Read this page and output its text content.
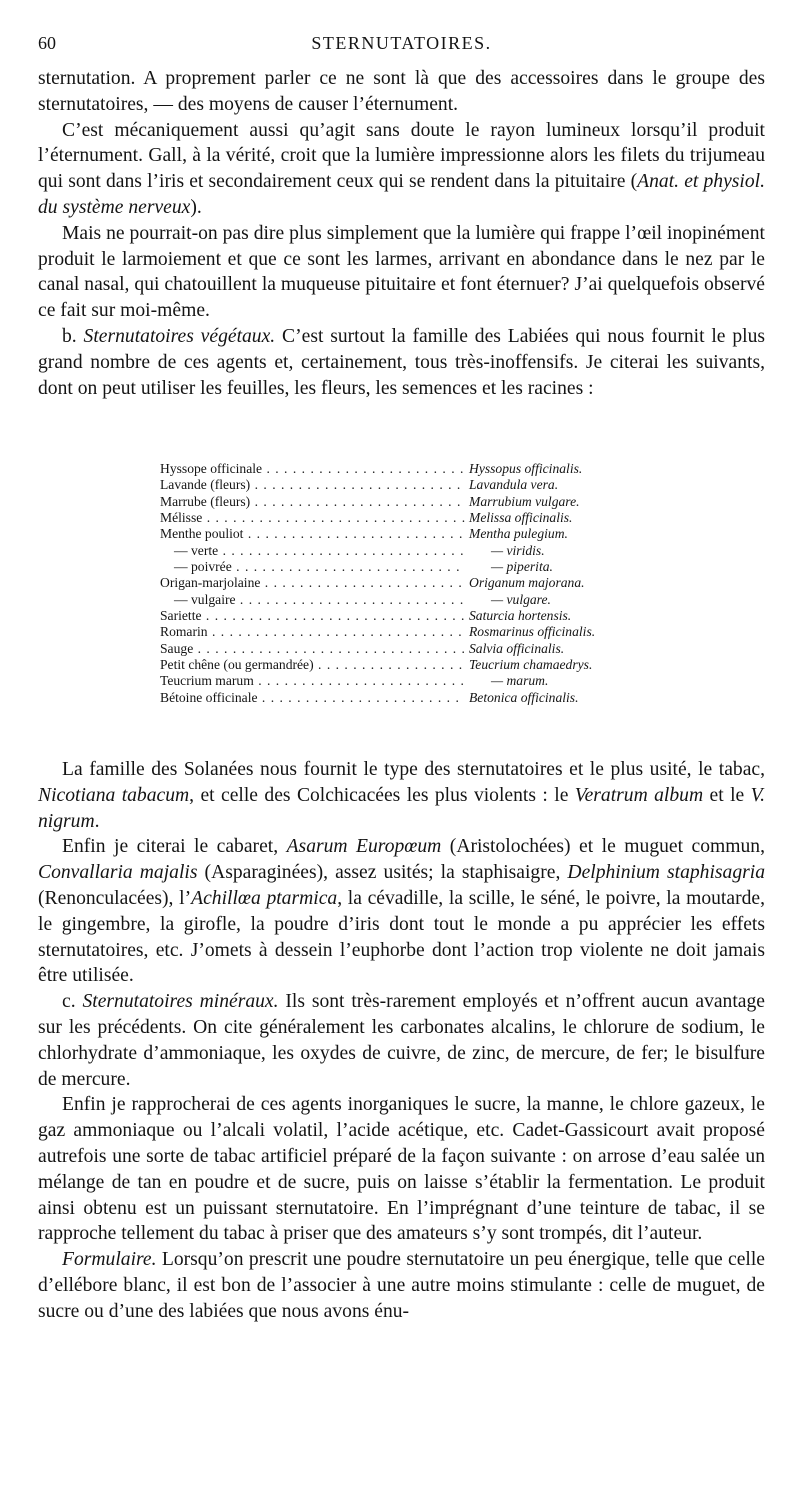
60	STERNUTATOIRES.

sternutation. A proprement parler ce ne sont là que des accessoires dans le groupe des sternutatoires, — des moyens de causer l’éternument.

C’est mécaniquement aussi qu’agit sans doute le rayon lumineux lorsqu’il produit l’éternument. Gall, à la vérité, croit que la lumière impressionne alors les filets du trijumeau qui sont dans l’iris et secondairement ceux qui se rendent dans la pituitaire (Anat. et physiol. du système nerveux).

Mais ne pourrait-on pas dire plus simplement que la lumière qui frappe l’œil inopinément produit le larmoiement et que ce sont les larmes, arrivant en abondance dans le nez par le canal nasal, qui chatouillent la muqueuse pituitaire et font éternuer? J’ai quelquefois observé ce fait sur moi-même.

b. Sternutatoires végétaux. C’est surtout la famille des Labiées qui nous fournit le plus grand nombre de ces agents et, certainement, tous très-inoffensifs. Je citerai les suivants, dont on peut utiliser les feuilles, les fleurs, les semences et les racines :

Hyssope officinale . . .	Hyssopus officinalis.
Lavande (fleurs) . . .	Lavandula vera.
Marrube (fleurs) . . .	Marrubium vulgare.
Mélisse . . .	Melissa officinalis.
Menthe pouliot . . .	Mentha pulegium.
— verte . . .	— viridis.
— poivrée . . .	— piperita.
Origan-marjolaine . . .	Origanum majorana.
— vulgaire . . .	— vulgare.
Sariette . . .	Saturcia hortensis.
Romarin . . .	Rosmarinus officinalis.
Sauge . . .	Salvia officinalis.
Petit chêne (ou germandrée) . . .	Teucrium chamaedrys.
Teucrium marum . . .	— marum.
Bétoine officinale . . .	Betonica officinalis.

La famille des Solanées nous fournit le type des sternutatoires et le plus usité, le tabac, Nicotiana tabacum, et celle des Colchicacées les plus violents : le Veratrum album et le V. nigrum.

Enfin je citerai le cabaret, Asarum Europœum (Aristolochées) et le muguet commun, Convallaria majalis (Asparaginées), assez usités; la staphisaigre, Delphinium staphisagria (Renonculacées), l’Achillœa ptarmica, la cévadille, la scille, le séné, le poivre, la moutarde, le gingembre, la girofle, la poudre d’iris dont tout le monde a pu apprécier les effets sternutatoires, etc. J’omets à dessein l’euphorbe dont l’action trop violente ne doit jamais être utilisée.

c. Sternutatoires minéraux. Ils sont très-rarement employés et n’offrent aucun avantage sur les précédents. On cite généralement les carbonates alcalins, le chlorure de sodium, le chlorhydrate d’ammoniaque, les oxydes de cuivre, de zinc, de mercure, de fer; le bisulfure de mercure.

Enfin je rapprocherai de ces agents inorganiques le sucre, la manne, le chlore gazeux, le gaz ammoniaque ou l’alcali volatil, l’acide acétique, etc. Cadet-Gassicourt avait proposé autrefois une sorte de tabac artificiel préparé de la façon suivante : on arrose d’eau salée un mélange de tan en poudre et de sucre, puis on laisse s’établir la fermentation. Le produit ainsi obtenu est un puissant sternutatoire. En l’imprégnant d’une teinture de tabac, il se rapproche tellement du tabac à priser que des amateurs s’y sont trompés, dit l’auteur.

Formulaire. Lorsqu’on prescrit une poudre sternutatoire un peu énergique, telle que celle d’ellébore blanc, il est bon de l’associer à une autre moins stimulante : celle de muguet, de sucre ou d’une des labiées que nous avons énu-
